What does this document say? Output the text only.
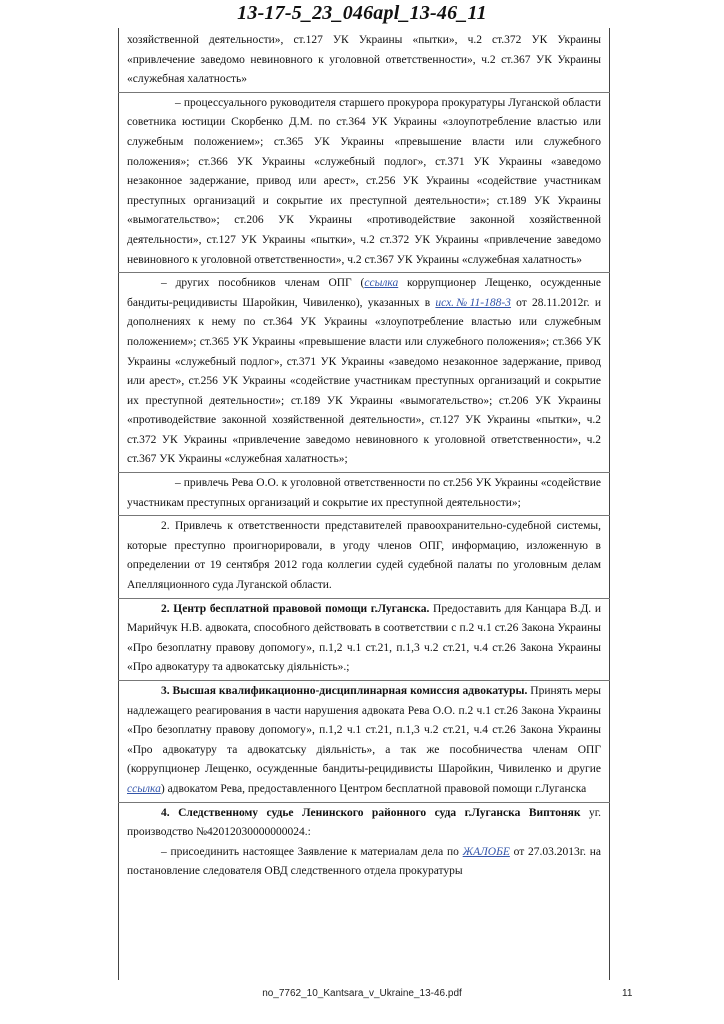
13-17-5_23_046apl_13-46_11

хозяйственной деятельности», ст.127 УК Украины «пытки», ч.2 ст.372 УК Украины «привлечение заведомо невиновного к уголовной ответственности», ч.2 ст.367 УК Украины «служебная халатность»

– процессуального руководителя старшего прокурора прокуратуры Луганской области советника юстиции Скорбенко Д.М. по ст.364 УК Украины «злоупотребление властью или служебным положением»; ст.365 УК Украины «превышение власти или служебного положения»; ст.366 УК Украины «служебный подлог», ст.371 УК Украины «заведомо незаконное задержание, привод или арест», ст.256 УК Украины «содействие участникам преступных организаций и сокрытие их преступной деятельности»; ст.189 УК Украины «вымогательство»; ст.206 УК Украины «противодействие законной хозяйственной деятельности», ст.127 УК Украины «пытки», ч.2 ст.372 УК Украины «привлечение заведомо невиновного к уголовной ответственности», ч.2 ст.367 УК Украины «служебная халатность»

– других пособников членам ОПГ (ссылка коррупционер Лещенко, осужденные бандиты-рецидивисты Шаройкин, Чивиленко), указанных в исх.№11-188-3 от 28.11.2012г. и дополнениях к нему по ст.364 УК Украины «злоупотребление властью или служебным положением»; ст.365 УК Украины «превышение власти или служебного положения»; ст.366 УК Украины «служебный подлог», ст.371 УК Украины «заведомо незаконное задержание, привод или арест», ст.256 УК Украины «содействие участникам преступных организаций и сокрытие их преступной деятельности»; ст.189 УК Украины «вымогательство»; ст.206 УК Украины «противодействие законной хозяйственной деятельности», ст.127 УК Украины «пытки», ч.2 ст.372 УК Украины «привлечение заведомо невиновного к уголовной ответственности», ч.2 ст.367 УК Украины «служебная халатность»;

– привлечь Рева О.О. к уголовной ответственности по ст.256 УК Украины «содействие участникам преступных организаций и сокрытие их преступной деятельности»;

2. Привлечь к ответственности представителей правоохранительно-судебной системы, которые преступно проигнорировали, в угоду членов ОПГ, информацию, изложенную в определении от 19 сентября 2012 года коллегии судей судебной палаты по уголовным делам Апелляционного суда Луганской области.

2. Центр бесплатной правовой помощи г.Луганска. Предоставить для Канцара В.Д. и Марийчук Н.В. адвоката, способного действовать в соответствии с п.2 ч.1 ст.26 Закона Украины «Про безоплатну правову допомогу», п.1,2 ч.1 ст.21, п.1,3 ч.2 ст.21, ч.4 ст.26 Закона Украины «Про адвокатуру та адвокатську діяльність».;

3. Высшая квалификационно-дисциплинарная комиссия адвокатуры. Принять меры надлежащего реагирования в части нарушения адвоката Рева О.О. п.2 ч.1 ст.26 Закона Украины «Про безоплатну правову допомогу», п.1,2 ч.1 ст.21, п.1,3 ч.2 ст.21, ч.4 ст.26 Закона Украины «Про адвокатуру та адвокатську діяльність», а так же пособничества членам ОПГ (коррупционер Лещенко, осужденные бандиты-рецидивисты Шаройкин, Чивиленко и другие ссылка) адвокатом Рева, предоставленного Центром бесплатной правовой помощи г.Луганска

4. Следственному судье Ленинского районного суда г.Луганска Виптоняк уг. производство №42012030000000024.:

– присоединить настоящее Заявление к материалам дела по ЖАЛОБЕ от 27.03.2013г. на постановление следователя ОВД следственного отдела прокуратуры

no_7762_10_Kantsara_v_Ukraine_13-46.pdf	11
